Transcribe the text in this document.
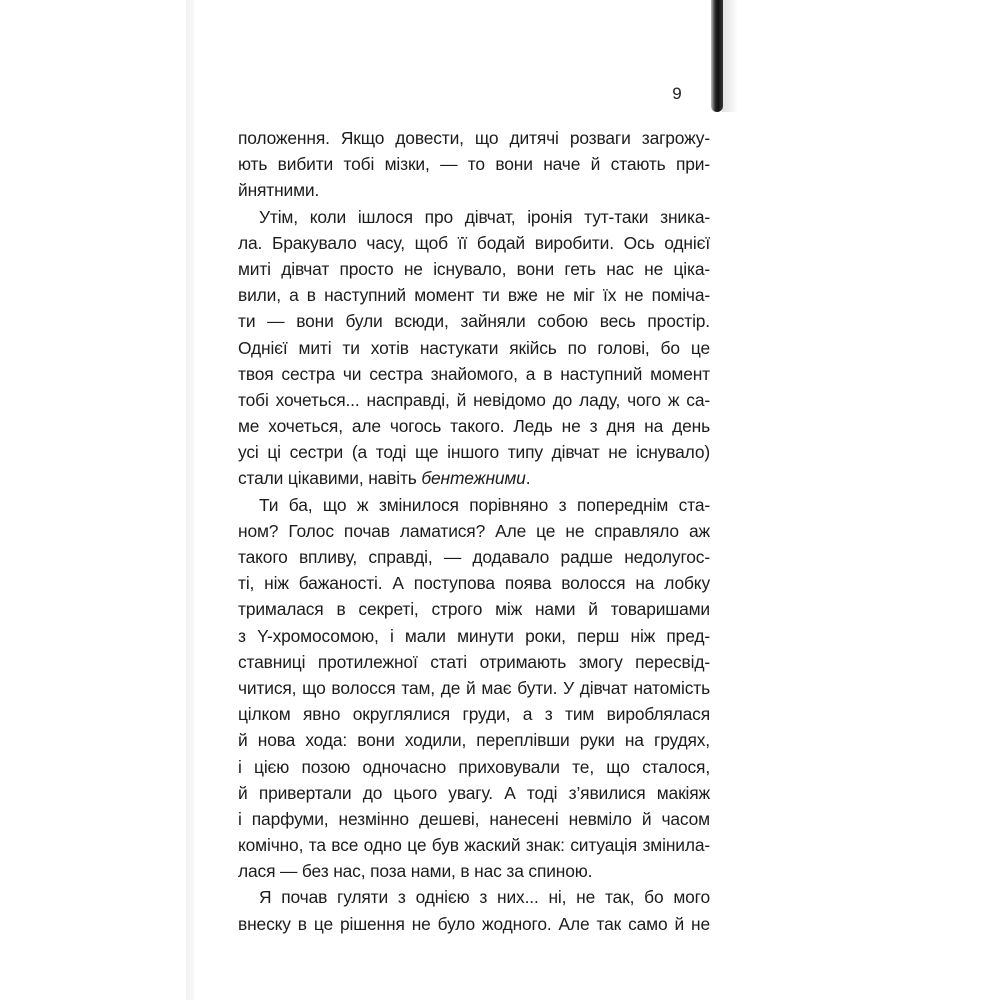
9
положення. Якщо довести, що дитячі розваги загрожу-
ють вибити тобі мізки, — то вони наче й стають при-
йнятними.
Утім, коли ішлося про дівчат, іронія тут-таки зника-
ла. Бракувало часу, щоб її бодай виробити. Ось однієї
миті дівчат просто не існувало, вони геть нас не ціка-
вили, а в наступний момент ти вже не міг їх не поміча-
ти — вони були всюди, зайняли собою весь простір.
Однієї миті ти хотів настукати якійсь по голові, бо це
твоя сестра чи сестра знайомого, а в наступний момент
тобі хочеться... насправді, й невідомо до ладу, чого ж са-
ме хочеться, але чогось такого. Ледь не з дня на день
усі ці сестри (а тоді ще іншого типу дівчат не існувало)
стали цікавими, навіть бентежними.
Ти ба, що ж змінилося порівняно з попереднім ста-
ном? Голос почав ламатися? Але це не справляло аж
такого впливу, справді, — додавало радше недолугос-
ті, ніж бажаності. А поступова поява волосся на лобку
трималася в секреті, строго між нами й товаришами
з Y-хромосомою, і мали минути роки, перш ніж пред-
ставниці протилежної статі отримають змогу пересвід-
читися, що волосся там, де й має бути. У дівчат натомість
цілком явно округлялися груди, а з тим вироблялася
й нова хода: вони ходили, переплівши руки на грудях,
і цією позою одночасно приховували те, що сталося,
й привертали до цього увагу. А тоді з’явилися макіяж
і парфуми, незмінно дешеві, нанесені невміло й часом
комічно, та все одно це був жаский знак: ситуація змінила-
лася — без нас, поза нами, в нас за спиною.
Я почав гуляти з однією з них... ні, не так, бо мого
внеску в це рішення не було жодного. Але так само й не
